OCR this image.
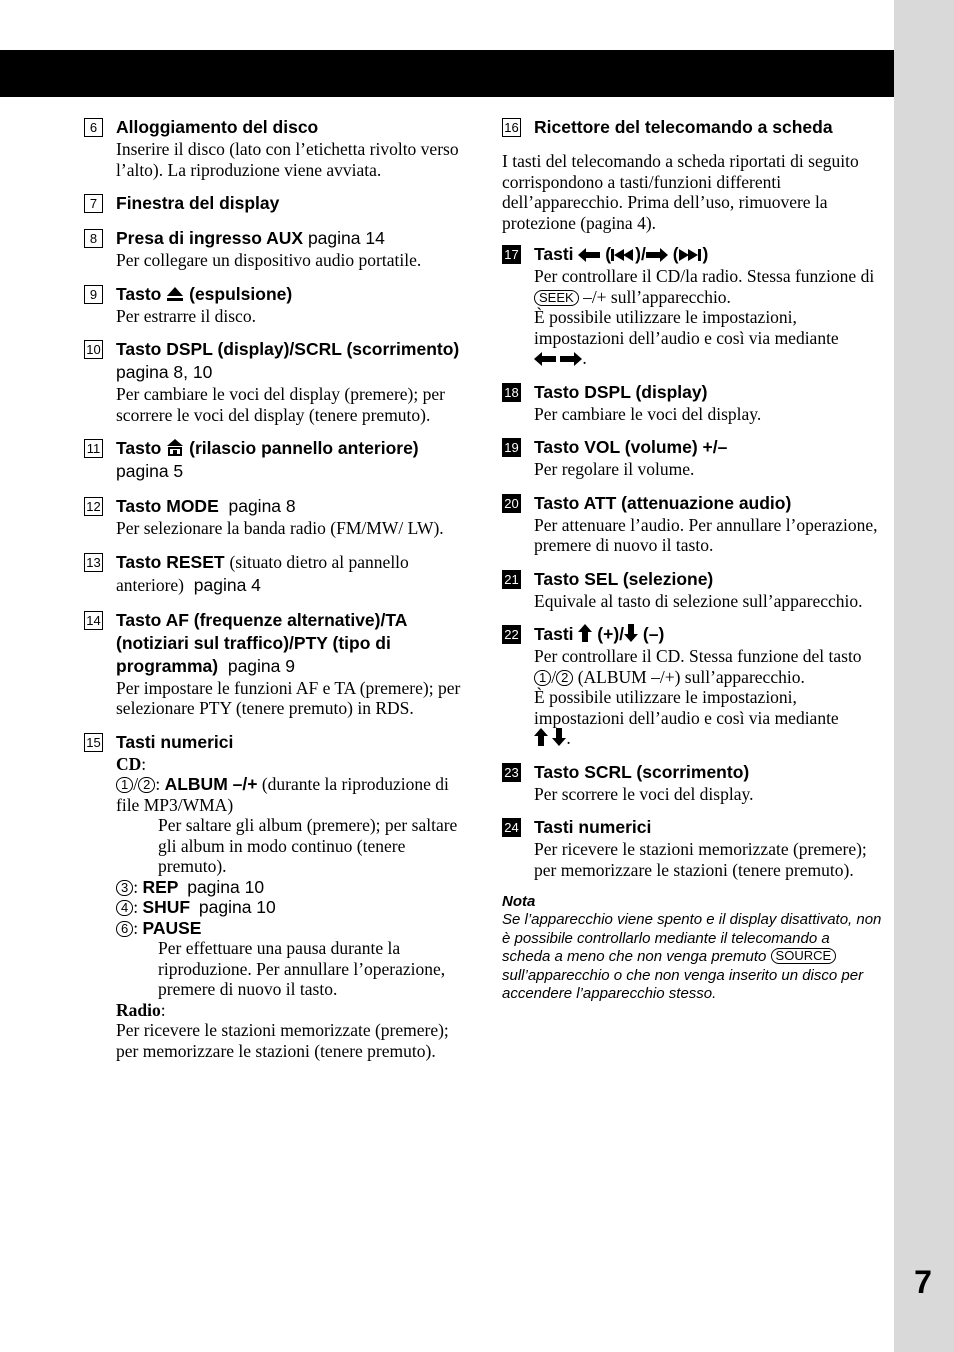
7
6	Alloggiamento del disco
Inserire il disco (lato con l’etichetta rivolto verso l’alto). La riproduzione viene avviata.
7	Finestra del display
8	Presa di ingresso AUX pagina 14
Per collegare un dispositivo audio portatile.
9	Tasto (espulsione)
Per estrarre il disco.
10 Tasto DSPL (display)/SCRL (scorrimento) pagina 8, 10
Per cambiare le voci del display (premere); per scorrere le voci del display (tenere premuto).
11 Tasto (rilascio pannello anteriore)
pagina 5
12 Tasto MODE pagina 8
Per selezionare la banda radio (FM/MW/ LW).
13 Tasto RESET (situato dietro al pannello anteriore) pagina 4
14 Tasto AF (frequenze alternative)/TA (notiziari sul traffico)/PTY (tipo di programma) pagina 9
Per impostare le funzioni AF e TA (premere); per selezionare PTY (tenere premuto) in RDS.
15 Tasti numerici
CD:
1 / 2 : ALBUM –/+ (durante la riproduzione di file MP3/WMA)
Per saltare gli album (premere); per saltare gli album in modo continuo (tenere premuto).
3 : REP pagina 10
4 : SHUF pagina 10
6 : PAUSE
Per effettuare una pausa durante la riproduzione. Per annullare l’operazione, premere di nuovo il tasto.
Radio:
Per ricevere le stazioni memorizzate (premere); per memorizzare le stazioni (tenere premuto).
16 Ricettore del telecomando a scheda
I tasti del telecomando a scheda riportati di seguito corrispondono a tasti/funzioni differenti dell’apparecchio. Prima dell’uso, rimuovere la protezione (pagina 4).
17 Tasti  ( )/ ( )
Per controllare il CD/la radio. Stessa funzione di SEEK –/+ sull’apparecchio.
È possibile utilizzare le impostazioni, impostazioni dell’audio e così via mediante
.
18 Tasto DSPL (display)
Per cambiare le voci del display.
19 Tasto VOL (volume) +/–
Per regolare il volume.
20 Tasto ATT (attenuazione audio)
Per attenuare l’audio. Per annullare l’operazione, premere di nuovo il tasto.
21 Tasto SEL (selezione)
Equivale al tasto di selezione sull’apparecchio.
22 Tasti (+)/ (–)
Per controllare il CD. Stessa funzione del tasto 1 / 2 (ALBUM –/+) sull’apparecchio.
È possibile utilizzare le impostazioni, impostazioni dell’audio e così via mediante
.
23 Tasto SCRL (scorrimento)
Per scorrere le voci del display.
24 Tasti numerici
Per ricevere le stazioni memorizzate (premere); per memorizzare le stazioni (tenere premuto).
Nota
Se l’apparecchio viene spento e il display disattivato, non è possibile controllarlo mediante il telecomando a scheda a meno che non venga premuto SOURCE sull’apparecchio o che non venga inserito un disco per accendere l’apparecchio stesso.
